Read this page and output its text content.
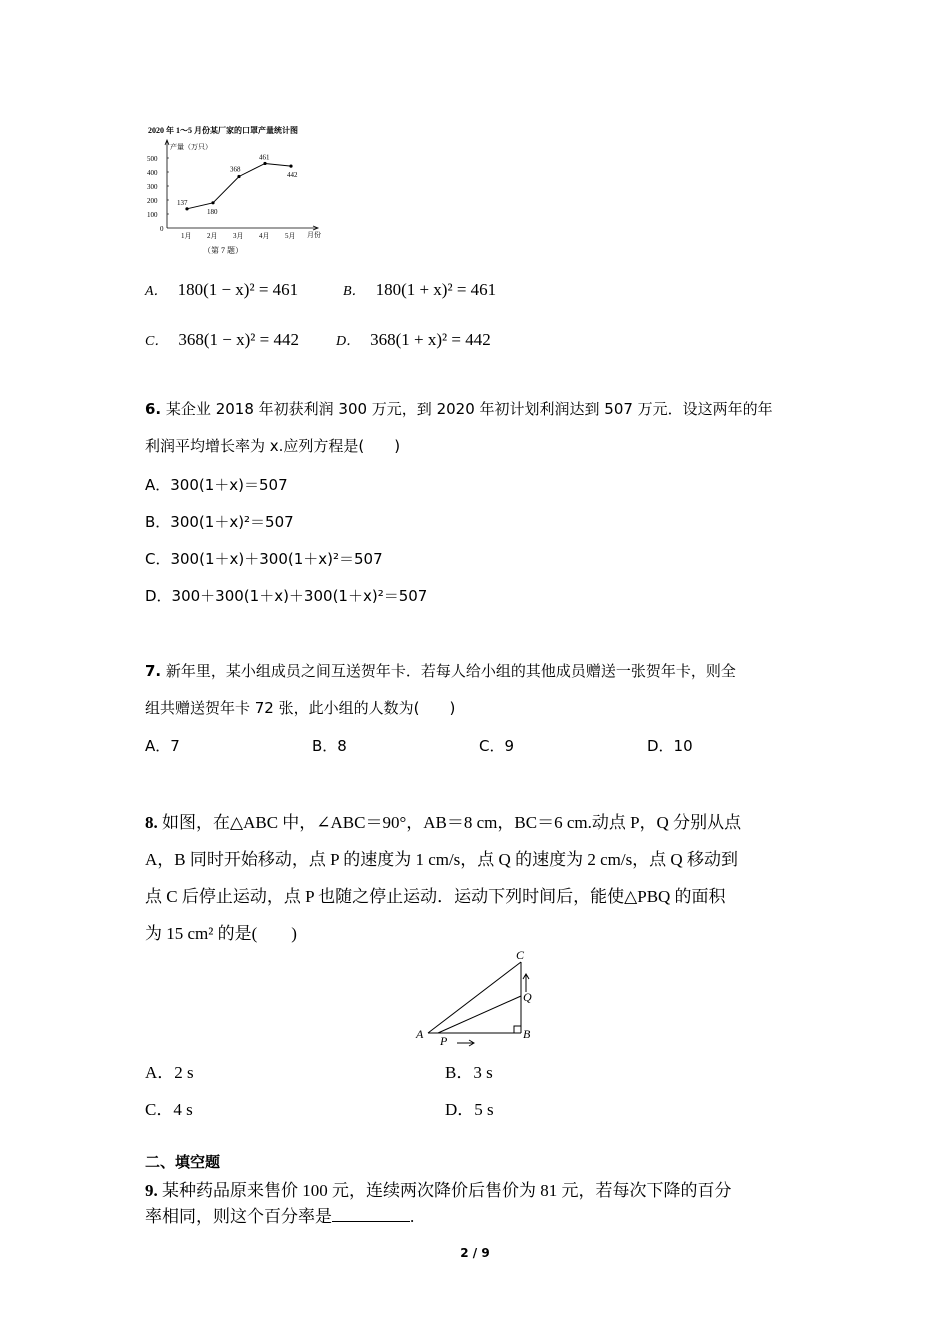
2020 年 1～5 月份某厂家的口罩产量统计图
产量（万只）
月份
0
100
200
300
400
500
1月 2月 3月 4月 5月
137
180
368
461
442
（第 7 题）
A． 180(1 − x)² = 461	B． 180(1 + x)² = 461
C． 368(1 − x)² = 442	D． 368(1 + x)² = 442
6. 某企业 2018 年初获利润 300 万元，到 2020 年初计划利润达到 507 万元．设这两年的年
利润平均增长率为 x.应列方程是(　　)
A．300(1＋x)＝507
B．300(1＋x)²＝507
C．300(1＋x)＋300(1＋x)²＝507
D．300＋300(1＋x)＋300(1＋x)²＝507
7. 新年里，某小组成员之间互送贺年卡．若每人给小组的其他成员赠送一张贺年卡，则全
组共赠送贺年卡 72 张，此小组的人数为(　　)
A．7	B．8	C．9	D．10
8. 如图，在△ABC 中，∠ABC＝90°，AB＝8 cm，BC＝6 cm.动点 P，Q 分别从点
A，B 同时开始移动，点 P 的速度为 1 cm/s，点 Q 的速度为 2 cm/s，点 Q 移动到
点 C 后停止运动，点 P 也随之停止运动．运动下列时间后，能使△PBQ 的面积
为 15 cm² 的是(　　)
A	B
C
P
Q
A．2 s	B．3 s
C．4 s	D．5 s
二、填空题
9. 某种药品原来售价 100 元，连续两次降价后售价为 81 元，若每次下降的百分
率相同，则这个百分率是	.
2 / 9
